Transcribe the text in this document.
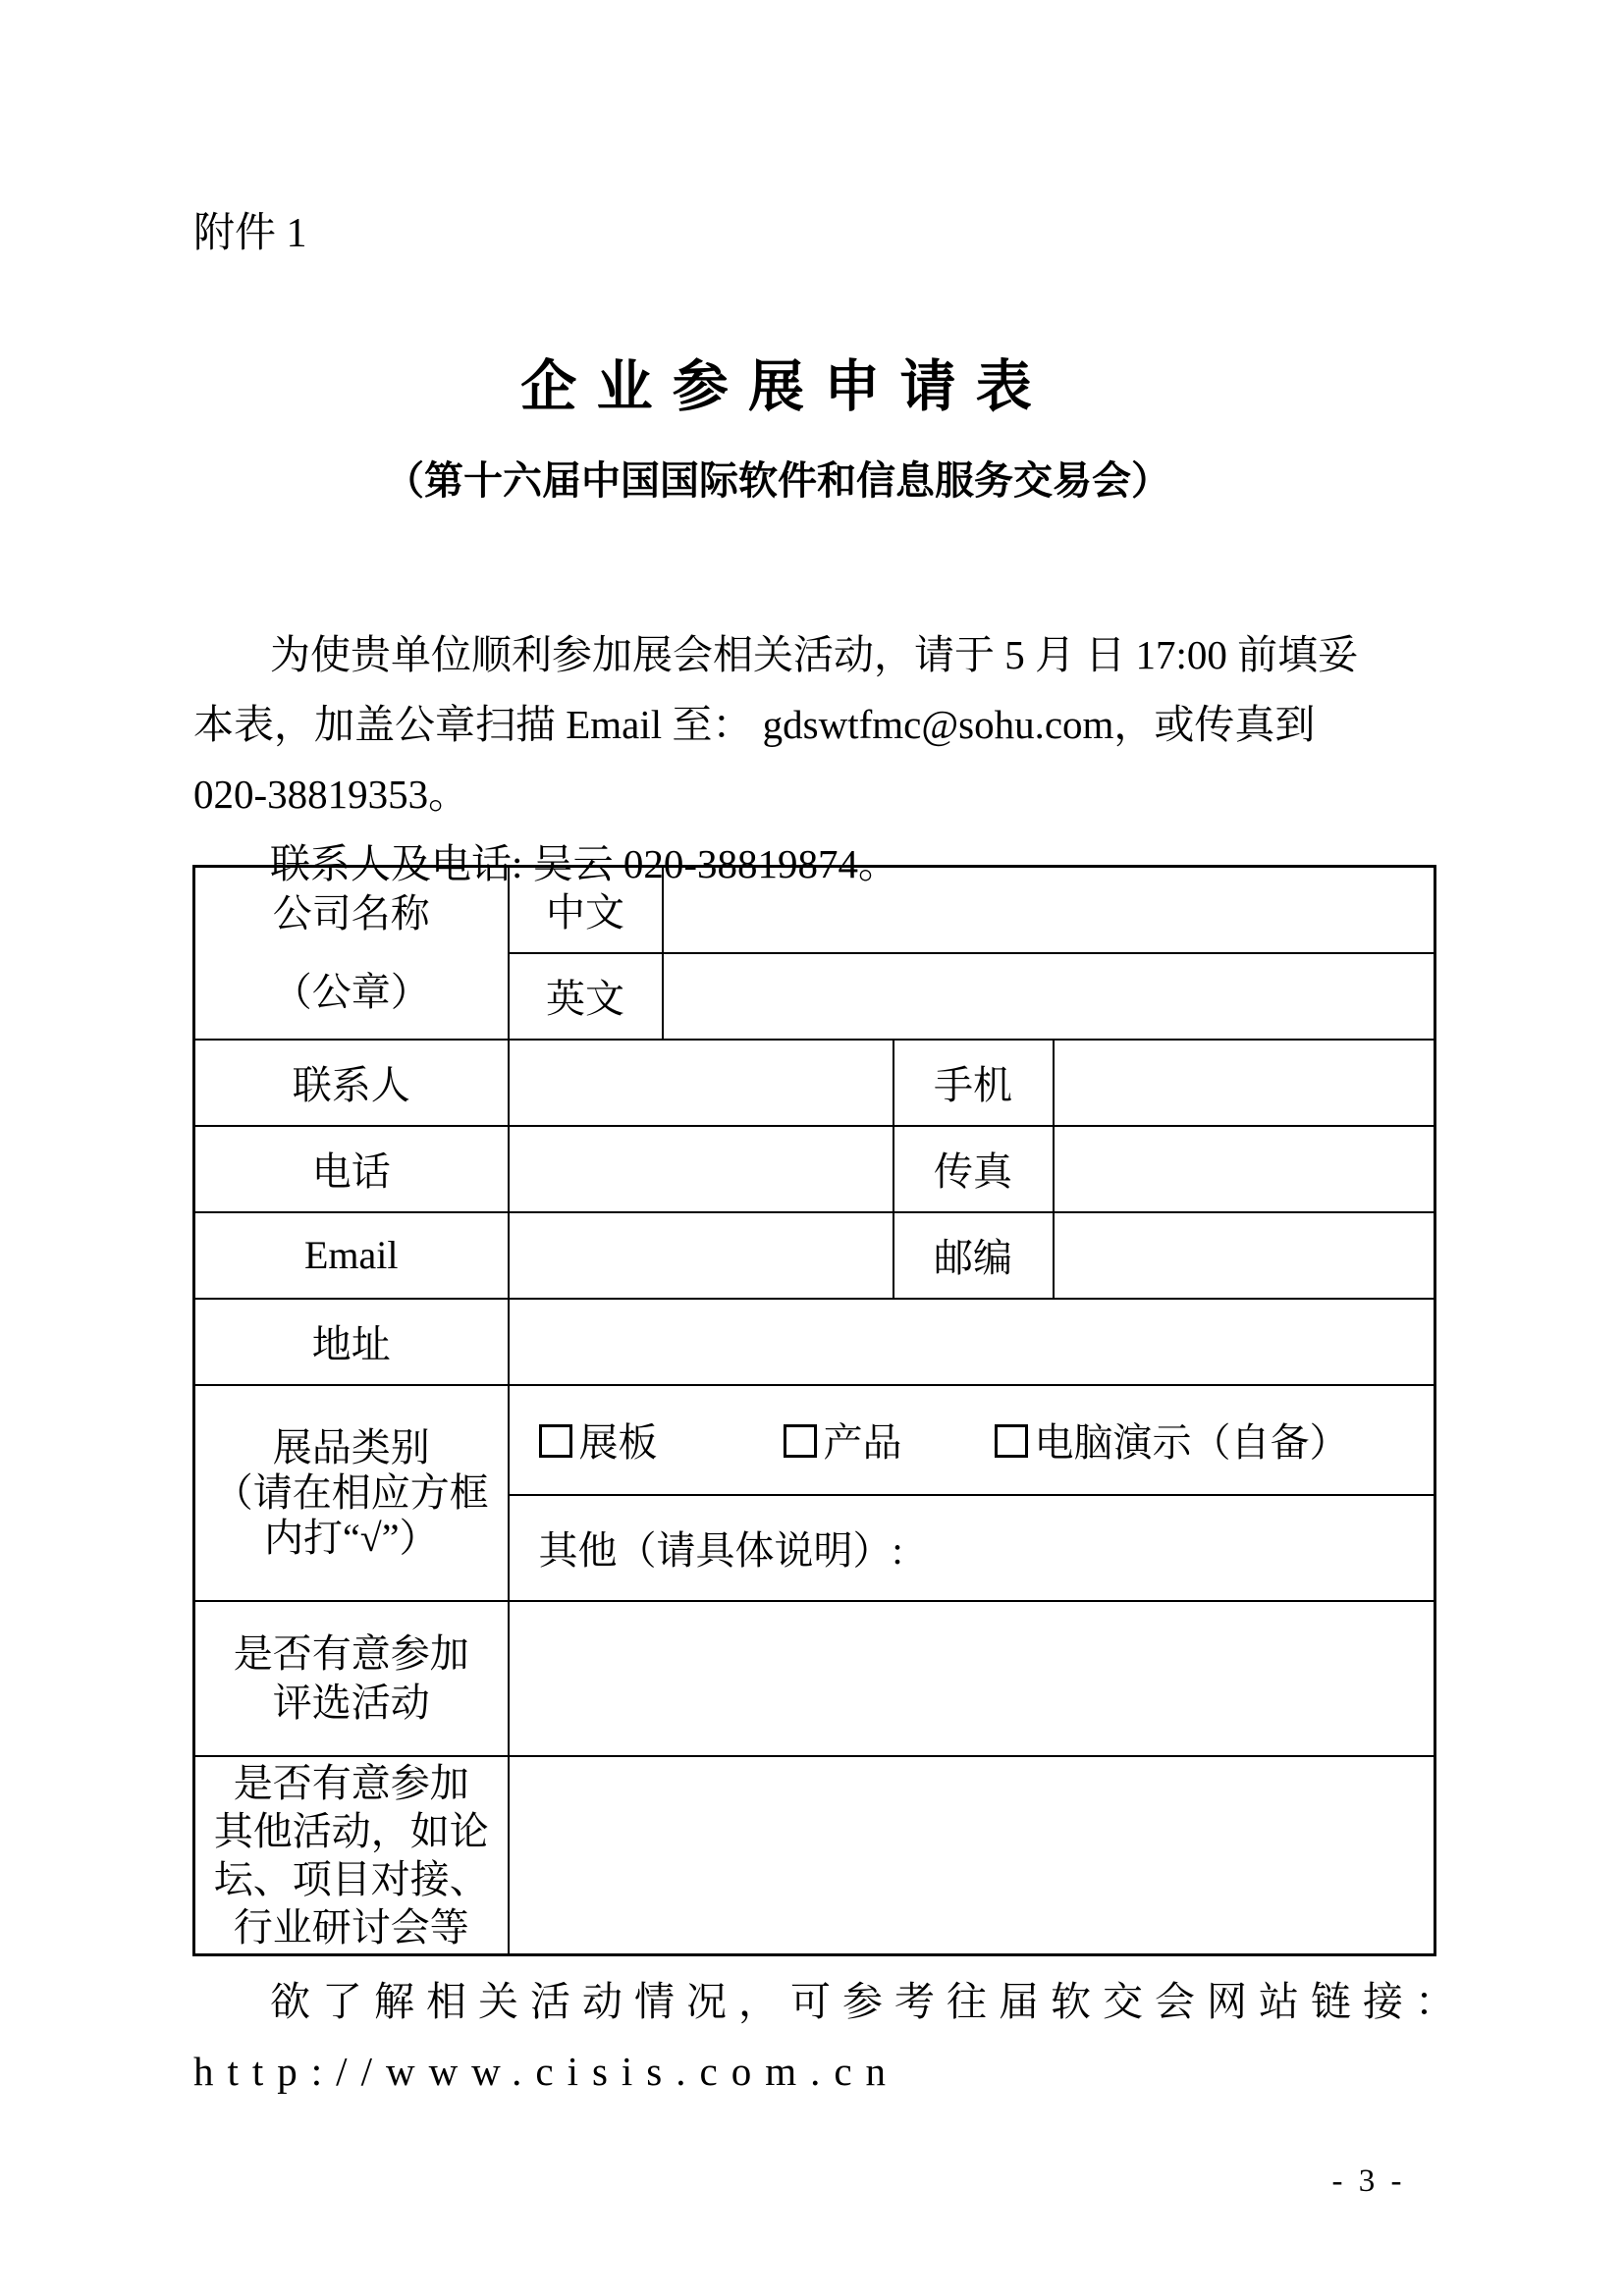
附件 1
企 业 参 展 申 请 表
（第十六届中国国际软件和信息服务交易会）
为使贵单位顺利参加展会相关活动，请于 5 月 日 17:00 前填妥
本表，加盖公章扫描 Email 至： gdswtfmc@sohu.com，或传真到
020-38819353。
联系人及电话: 吴云 020-38819874。
公司名称
（公章）	中文			
	英文			
联系人			手机	
电话			传真	
Email			邮编	
地址				

展品类别
（请在相应方框
内打“√”）	展板 产品 电脑演示（自备）			
	其他（请具体说明）:			

是否有意参加
评选活动				

是否有意参加
其他活动，如论
坛、项目对接、
行业研讨会等				

欲了解相关活动情况，可参考往届软交会网站链接：
http://www.cisis.com.cn
- 3 -
